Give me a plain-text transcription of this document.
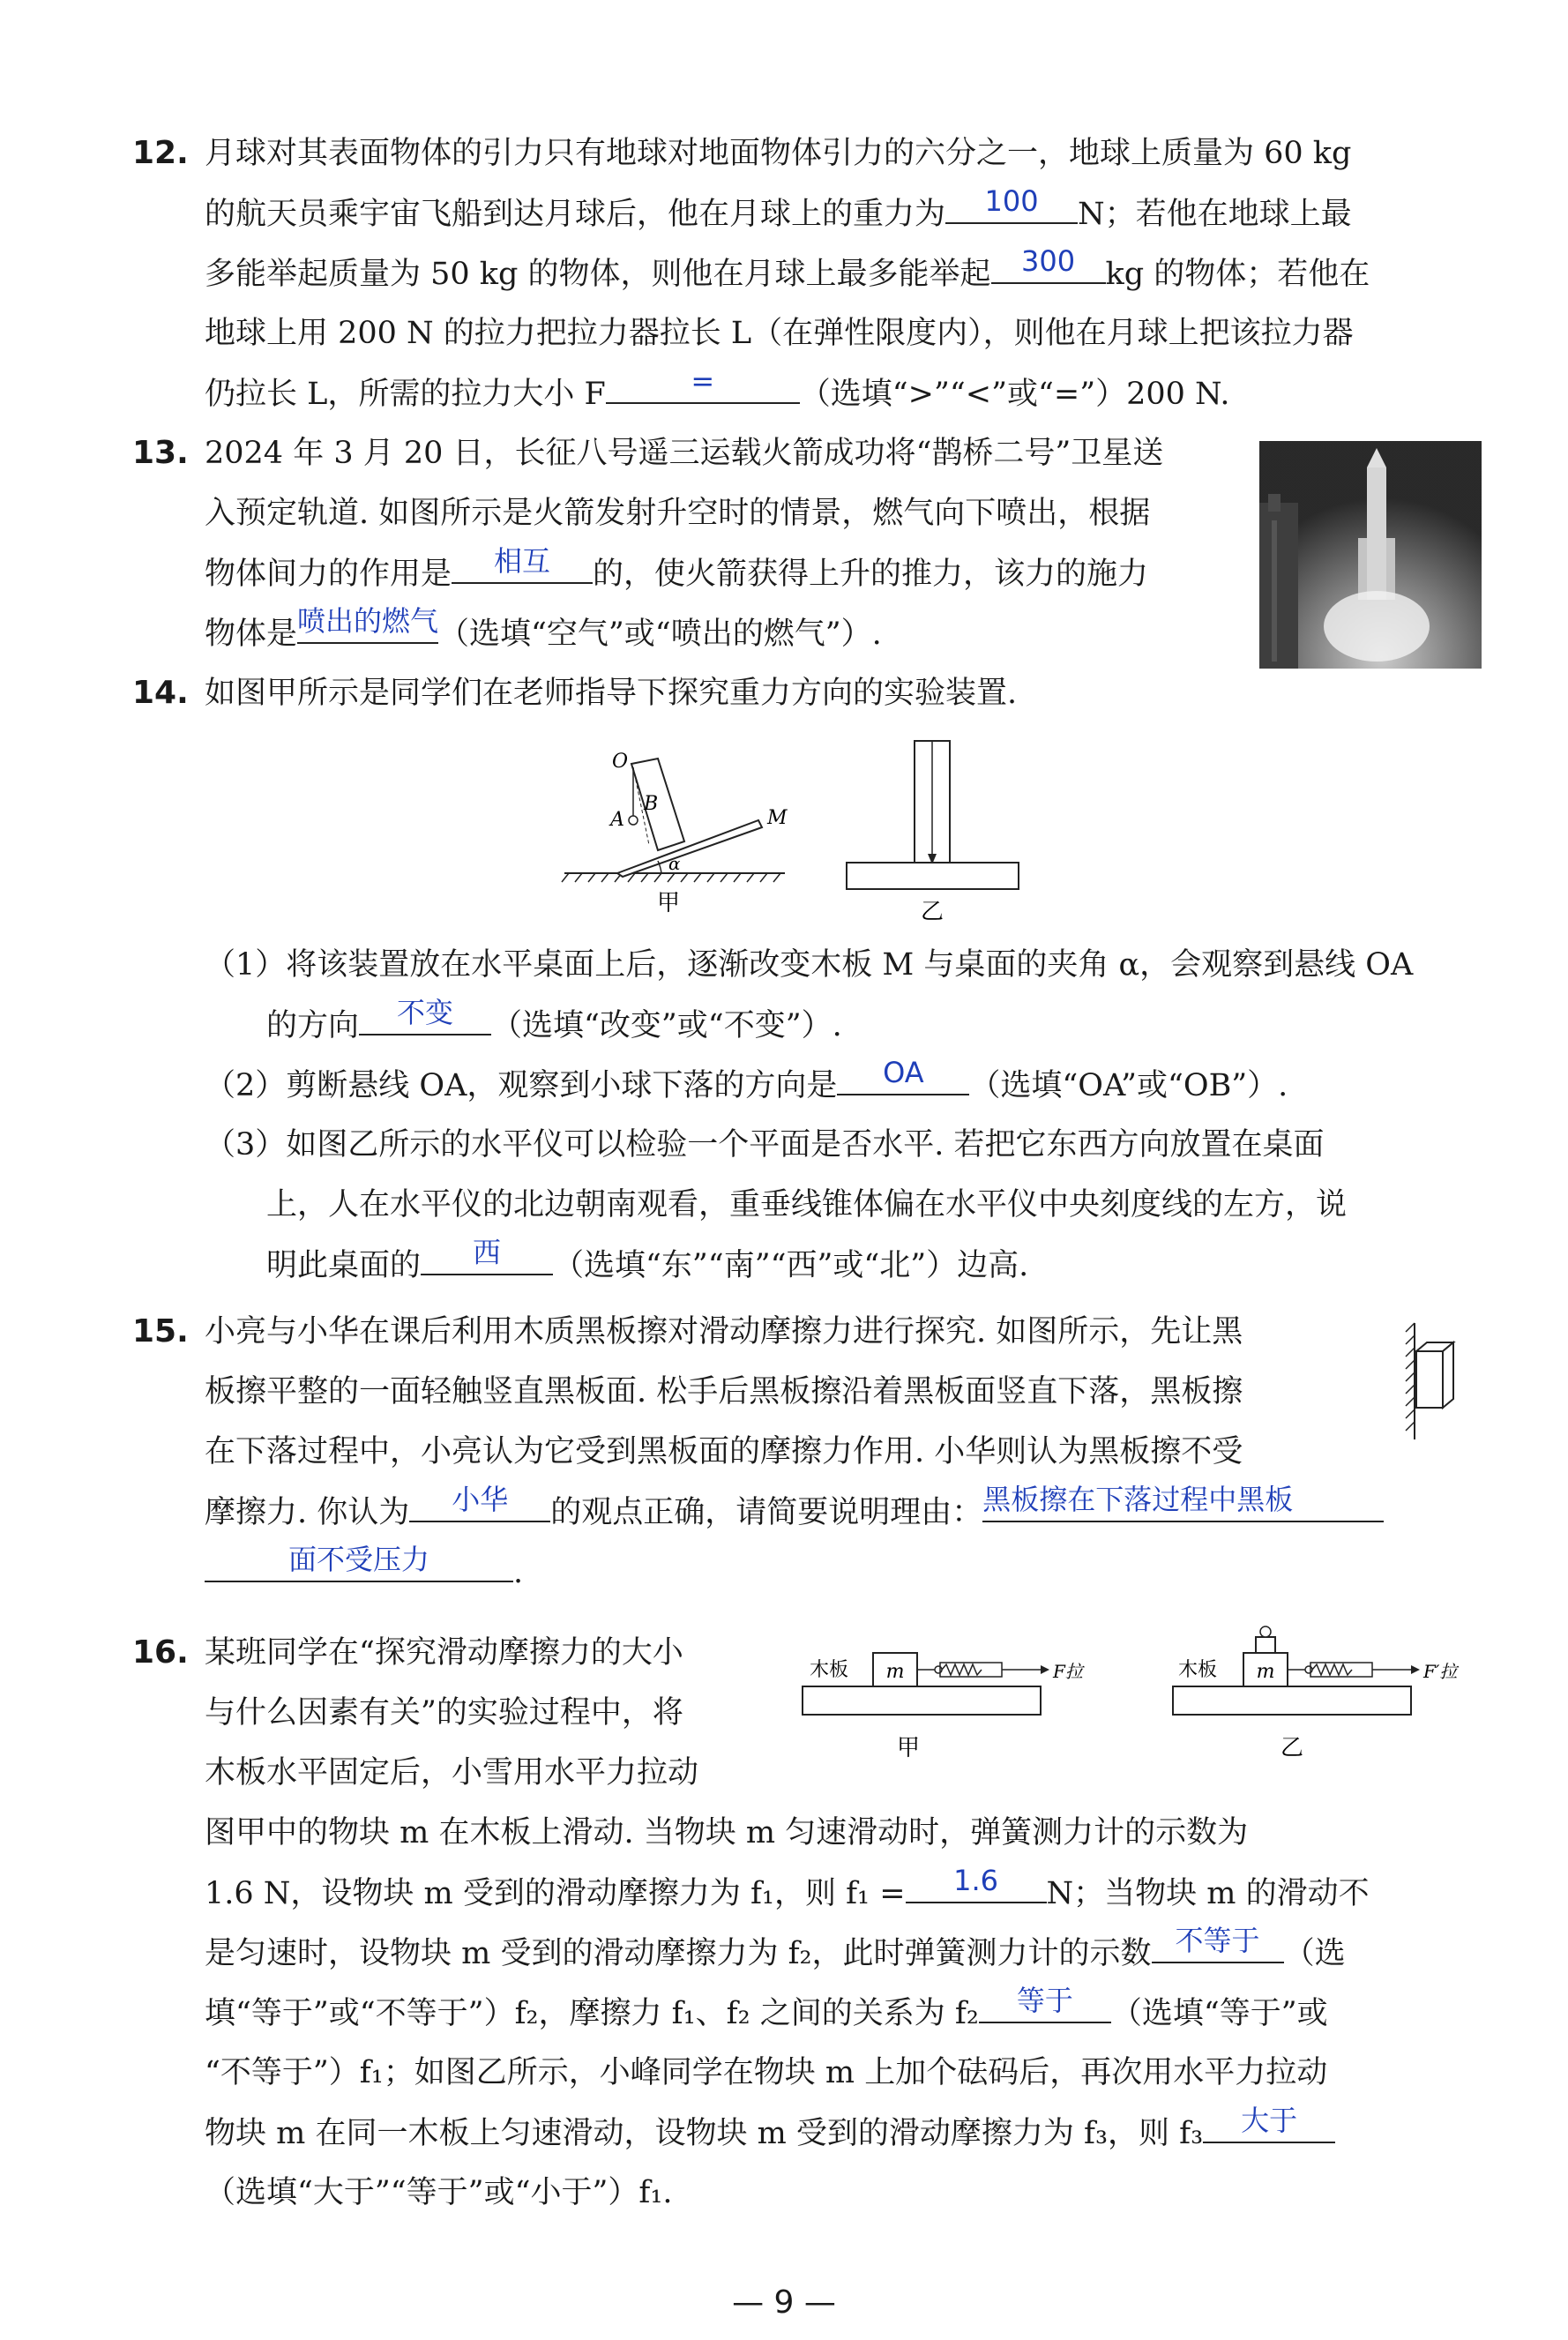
12. 月球对其表面物体的引力只有地球对地面物体引力的六分之一，地球上质量为 60 kg
的航天员乘宇宙飞船到达月球后，他在月球上的重力为	100	N；若他在地球上最
多能举起质量为 50 kg 的物体，则他在月球上最多能举起	300 kg 的物体；若他在
地球上用 200 N 的拉力把拉力器拉长 L（在弹性限度内），则他在月球上把该拉力器
仍拉长 L，所需的拉力大小 F	=	（选填“>”“<”或“=”）200 N.
13. 2024 年 3 月 20 日，长征八号遥三运载火箭成功将“鹊桥二号”卫星送
入预定轨道. 如图所示是火箭发射升空时的情景，燃气向下喷出，根据
物体间力的作用是	相互	的，使火箭获得上升的推力，该力的施力
物体是 喷出的燃气 （选填“空气”或“喷出的燃气”）.
14. 如图甲所示是同学们在老师指导下探究重力方向的实验装置.
O
A
B
M
α
甲	乙
（1）将该装置放在水平桌面上后，逐渐改变木板 M 与桌面的夹角 α，会观察到悬线 OA
的方向	不变	（选填“改变”或“不变”）.
（2）剪断悬线 OA，观察到小球下落的方向是	OA	（选填“OA”或“OB”）.
（3）如图乙所示的水平仪可以检验一个平面是否水平. 若把它东西方向放置在桌面
上，人在水平仪的北边朝南观看，重垂线锥体偏在水平仪中央刻度线的左方，说
明此桌面的	西	（选填“东”“南”“西”或“北”）边高.
15. 小亮与小华在课后利用木质黑板擦对滑动摩擦力进行探究. 如图所示，先让黑
板擦平整的一面轻触竖直黑板面. 松手后黑板擦沿着黑板面竖直下落，黑板擦
在下落过程中，小亮认为它受到黑板面的摩擦力作用. 小华则认为黑板擦不受
摩擦力. 你认为	小华	的观点正确，请简要说明理由： 黑板擦在下落过程中黑板
面不受压力	.
16. 某班同学在“探究滑动摩擦力的大小
与什么因素有关”的实验过程中，将
木板水平固定后，小雪用水平力拉动
木板 m	F拉
甲
木板 m	F′拉
乙
图甲中的物块 m 在木板上滑动. 当物块 m 匀速滑动时，弹簧测力计的示数为
1.6 N，设物块 m 受到的滑动摩擦力为 f₁，则 f₁ =	1.6	N；当物块 m 的滑动不
是匀速时，设物块 m 受到的滑动摩擦力为 f₂，此时弹簧测力计的示数 不等于 （选
填“等于”或“不等于”）f₂，摩擦力 f₁、f₂ 之间的关系为 f₂	等于	（选填“等于”或
“不等于”）f₁；如图乙所示，小峰同学在物块 m 上加个砝码后，再次用水平力拉动
物块 m 在同一木板上匀速滑动，设物块 m 受到的滑动摩擦力为 f₃，则 f₃	大于
（选填“大于”“等于”或“小于”）f₁.
— 9 —
